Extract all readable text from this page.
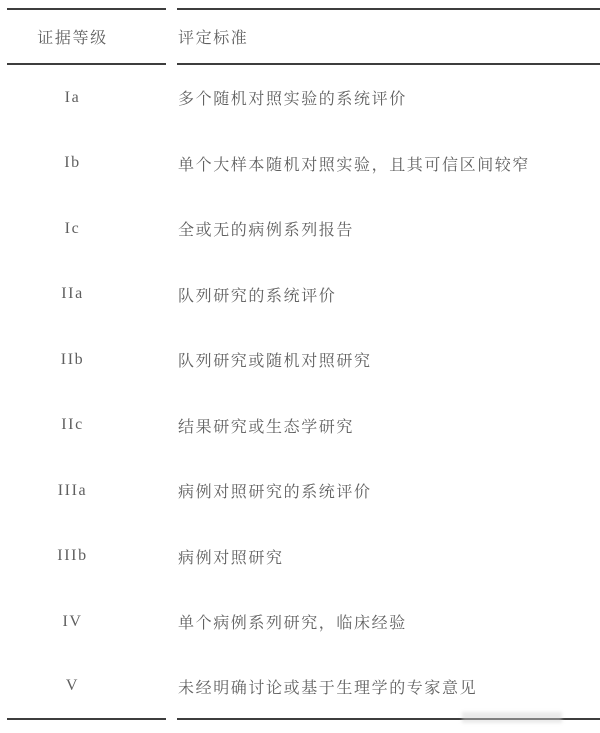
证据等级	评定标准
Ia	多个随机对照实验的系统评价
Ib	单个大样本随机对照实验，且其可信区间较窄
Ic	全或无的病例系列报告
IIa	队列研究的系统评价
IIb	队列研究或随机对照研究
IIc	结果研究或生态学研究
IIIa	病例对照研究的系统评价
IIIb	病例对照研究
IV	单个病例系列研究，临床经验
V	未经明确讨论或基于生理学的专家意见
